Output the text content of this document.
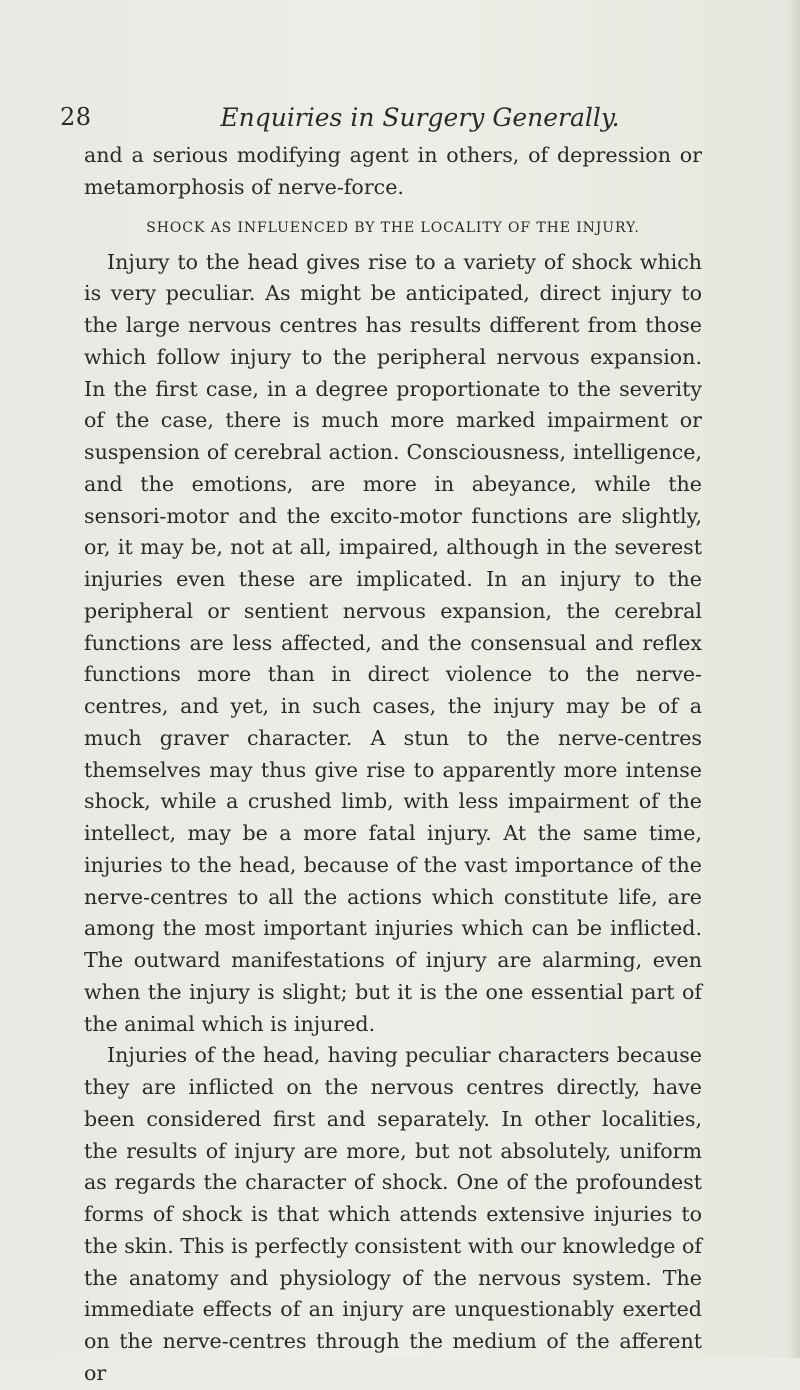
28	Enquiries in Surgery Generally.

and a serious modifying agent in others, of depression or metamorphosis of nerve-force.

SHOCK AS INFLUENCED BY THE LOCALITY OF THE INJURY.

Injury to the head gives rise to a variety of shock which is very peculiar. As might be anticipated, direct injury to the large nervous centres has results different from those which follow injury to the peripheral nervous expansion. In the first case, in a degree proportionate to the severity of the case, there is much more marked impairment or suspension of cerebral action. Consciousness, intelligence, and the emotions, are more in abeyance, while the sensori-motor and the excito-motor functions are slightly, or, it may be, not at all, impaired, although in the severest injuries even these are implicated. In an injury to the peripheral or sentient nervous expansion, the cerebral functions are less affected, and the consensual and reflex functions more than in direct violence to the nerve-centres, and yet, in such cases, the injury may be of a much graver character. A stun to the nerve-centres themselves may thus give rise to apparently more intense shock, while a crushed limb, with less impairment of the intellect, may be a more fatal injury. At the same time, injuries to the head, because of the vast importance of the nerve-centres to all the actions which constitute life, are among the most important injuries which can be inflicted. The outward manifestations of injury are alarming, even when the injury is slight; but it is the one essential part of the animal which is injured.

Injuries of the head, having peculiar characters because they are inflicted on the nervous centres directly, have been considered first and separately. In other localities, the results of injury are more, but not absolutely, uniform as regards the character of shock. One of the profoundest forms of shock is that which attends extensive injuries to the skin. This is perfectly consistent with our knowledge of the anatomy and physiology of the nervous system. The immediate effects of an injury are unquestionably exerted on the nerve-centres through the medium of the afferent or
